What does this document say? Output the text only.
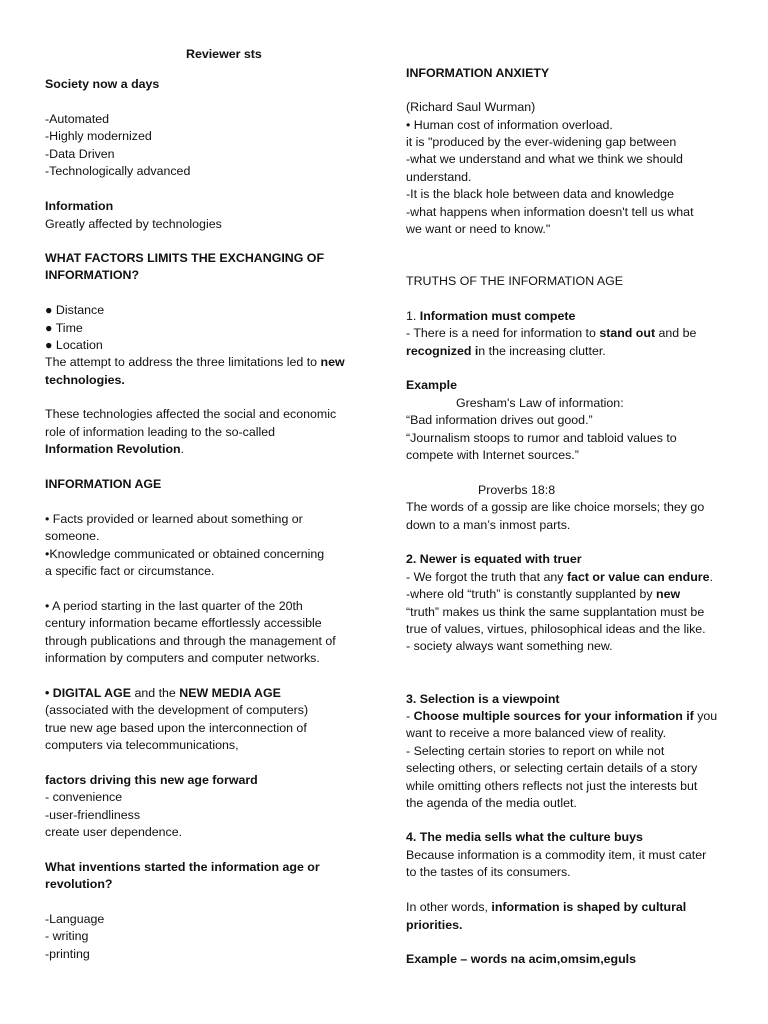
Reviewer sts
Society now a days
-Automated
-Highly modernized
-Data Driven
-Technologically advanced
Information
Greatly affected by technologies
WHAT FACTORS LIMITS THE EXCHANGING OF
INFORMATION?
● Distance
● Time
● Location
The attempt to address the three limitations led to new
technologies.
These technologies affected the social and economic
role of information leading to the so-called
Information Revolution.
INFORMATION AGE
• Facts provided or learned about something or
someone.
•Knowledge communicated or obtained concerning
a specific fact or circumstance.
• A period starting in the last quarter of the 20th
century information became effortlessly accessible
through publications and through the management of
information by computers and computer networks.
• DIGITAL AGE and the NEW MEDIA AGE
(associated with the development of computers)
true new age based upon the interconnection of
computers via telecommunications,
factors driving this new age forward
- convenience
-user-friendliness
create user dependence.
What inventions started the information age or
revolution?
-Language
- writing
-printing
INFORMATION ANXIETY
(Richard Saul Wurman)
• Human cost of information overload.
it is "produced by the ever-widening gap between
-what we understand and what we think we should
understand.
-It is the black hole between data and knowledge
-what happens when information doesn't tell us what
we want or need to know."
TRUTHS OF THE INFORMATION AGE
1. Information must compete
- There is a need for information to stand out and be
recognized in the increasing clutter.
Example
Gresham's Law of information:
“Bad information drives out good.”
“Journalism stoops to rumor and tabloid values to
compete with Internet sources.”
Proverbs 18:8
The words of a gossip are like choice morsels; they go
down to a man’s inmost parts.
2. Newer is equated with truer
- We forgot the truth that any fact or value can endure.
-where old “truth” is constantly supplanted by new
“truth” makes us think the same supplantation must be
true of values, virtues, philosophical ideas and the like.
- society always want something new.
3. Selection is a viewpoint
- Choose multiple sources for your information if you
want to receive a more balanced view of reality.
- Selecting certain stories to report on while not
selecting others, or selecting certain details of a story
while omitting others reflects not just the interests but
the agenda of the media outlet.
4. The media sells what the culture buys
Because information is a commodity item, it must cater
to the tastes of its consumers.
In other words, information is shaped by cultural
priorities.
Example – words na acim,omsim,eguls
